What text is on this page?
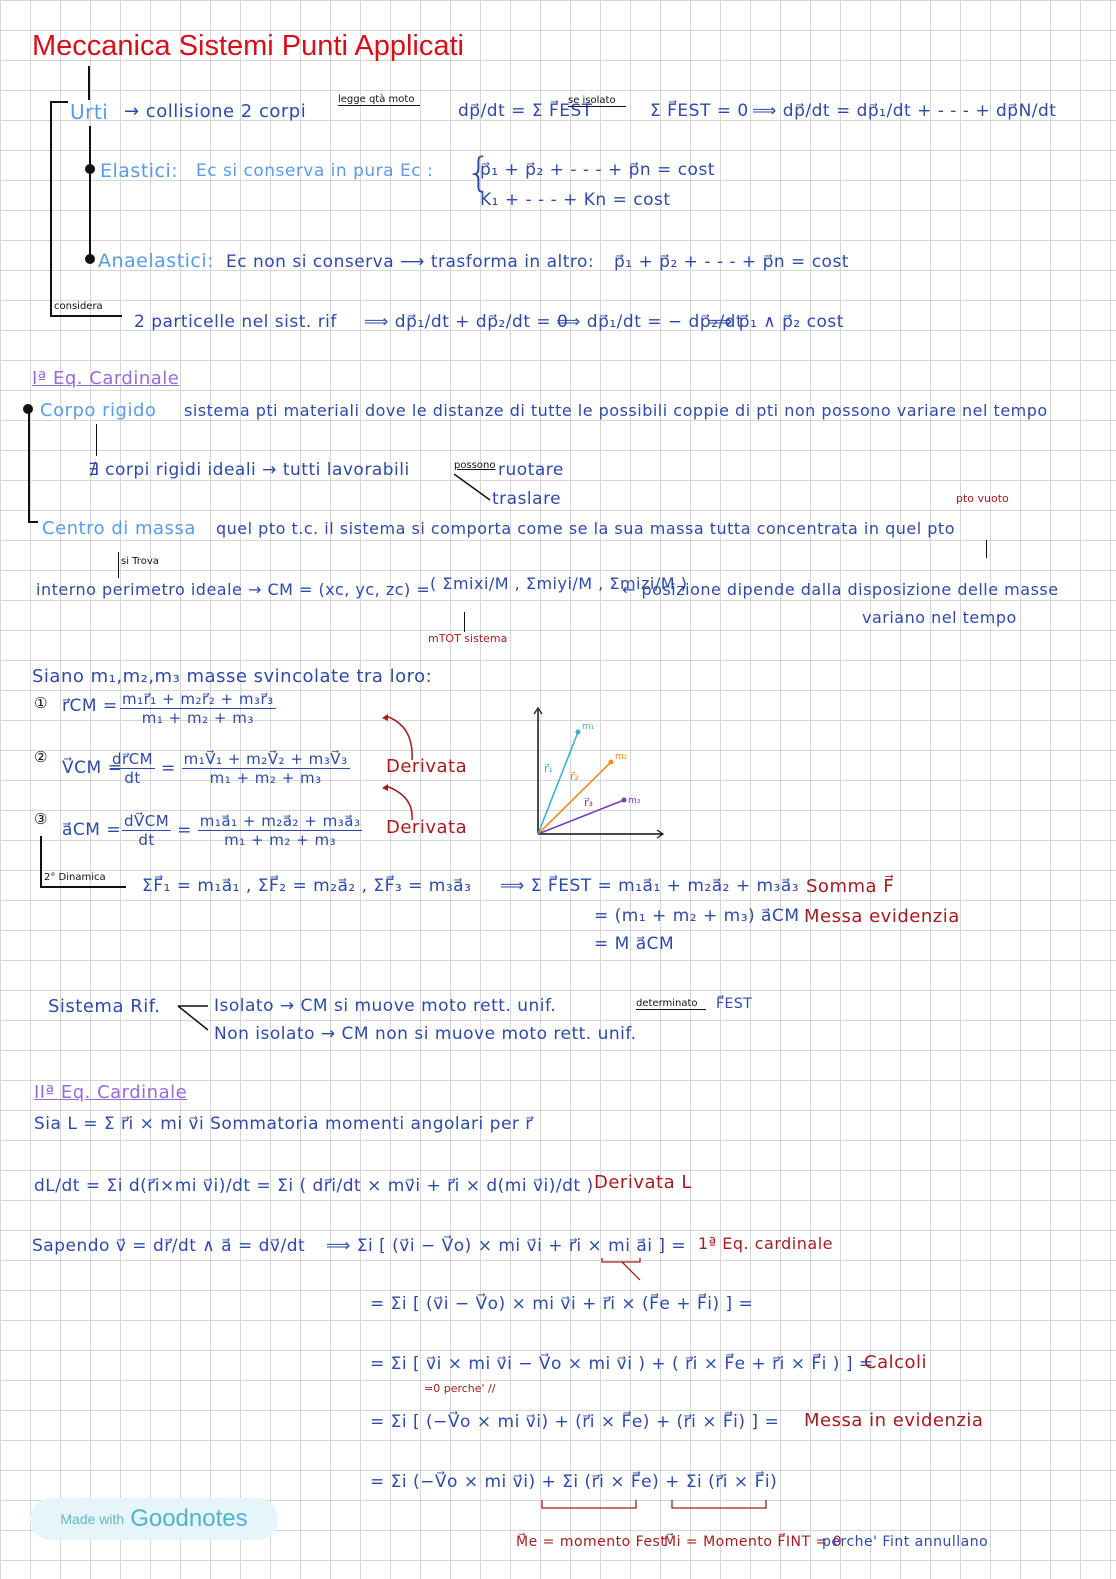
Meccanica Sistemi Punti Applicati
Urti → collisione 2 corpi
legge qtà moto
dp⃗/dt = Σ F⃗EST
se isolato
Σ F⃗EST = 0 ⟹ dp⃗/dt = dp⃗₁/dt + - - - + dp⃗N/dt
Elastici: Ec si conserva in pura Ec : {
p⃗₁ + p⃗₂ + - - - + p⃗n = cost
K₁ + - - - + Kn = cost
Anaelastici: Ec non si conserva ⟶ trasforma in altro: p⃗₁ + p⃗₂ + - - - + p⃗n = cost
considera
2 particelle nel sist. rif ⟹ dp⃗₁/dt + dp⃗₂/dt = 0
⟹ dp⃗₁/dt = − dp⃗₂/dt
⟹ p⃗₁ ∧ p⃗₂ cost
Iª Eq. Cardinale
Corpo rigido sistema pti materiali dove le distanze di tutte le possibili coppie di pti non possono variare nel tempo
∄ corpi rigidi ideali → tutti lavorabili	possono ruotare
traslare	pto vuoto
Centro di massa quel pto t.c. il sistema si comporta come se la sua massa tutta concentrata in quel pto
si Trova
interno perimetro ideale → CM = (xc, yc, zc) = ( Σmixi/M , Σmiyi/M , Σmizi/M )
← posizione dipende dalla disposizione delle masse
variano nel tempo
mTOT sistema
Siano m₁,m₂,m₃ masse svincolate tra loro:
① r⃗CM = $\frac{\text{m₁r⃗₁ + m₂r⃗₂ + m₃r⃗₃}}{\text{m₁ + m₂ + m₃}}$
②
V⃗CM =
$\frac{dr⃗CM}{dt} = \frac{\text{m₁V⃗₁ + m₂V⃗₂ + m₃V⃗₃}}{\text{m₁ + m₂ + m₃}}$
③
a⃗CM = $\frac{dV⃗CM}{dt} = \frac{\text{m₁a⃗₁ + m₂a⃗₂ + m₃a⃗₃}}{\text{m₁ + m₂ + m₃}}$
Derivata
Derivata
m₁
m₂
m₃
r⃗₁
r⃗₂
r⃗₃
2° Dinamica ΣF⃗₁ = m₁a⃗₁ , ΣF⃗₂ = m₂a⃗₂ , ΣF⃗₃ = m₃a⃗₃ ⟹ Σ F⃗EST = m₁a⃗₁ + m₂a⃗₂ + m₃a⃗₃
= (m₁ + m₂ + m₃) a⃗CM
= M a⃗CM
Somma F⃗
Messa evidenzia
Sistema Rif.	Isolato → CM si muove moto rett. unif.	determinato	F⃗EST
Non isolato → CM non si muove moto rett. unif.
IIª Eq. Cardinale
Sia L = Σ r⃗i × mi v⃗i Sommatoria momenti angolari per r⃗
dL/dt = Σi d(r⃗i×mi v⃗i)/dt = Σi ( dr⃗i/dt × mv⃗i + r⃗i × d(mi v⃗i)/dt ) Derivata L
Sapendo v⃗ = dr⃗/dt ∧ a⃗ = dv⃗/dt ⟹ Σi [ (v⃗i − V⃗o) × mi v⃗i + r⃗i × mi a⃗i ] = 1ª Eq. cardinale
= Σi [ (v⃗i − V⃗o) × mi v⃗i + r⃗i × (F⃗e + F⃗i) ] =
= Σi [ v⃗i × mi v⃗i − V⃗o × mi v⃗i ) + ( r⃗i × F⃗e + r⃗i × F⃗i ) ] =
Calcoli
=0 perche' //
= Σi [ (−V⃗o × mi v⃗i) + (r⃗i × F⃗e) + (r⃗i × F⃗i) ] = Messa in evidenzia
= Σi (−V⃗o × mi v⃗i) + Σi (r⃗i × F⃗e) + Σi (r⃗i × F⃗i)
M⃗e = momento Fest
M⃗i = Momento F⃗INT = 0
perche' Fint annullano
Made with Goodnotes
